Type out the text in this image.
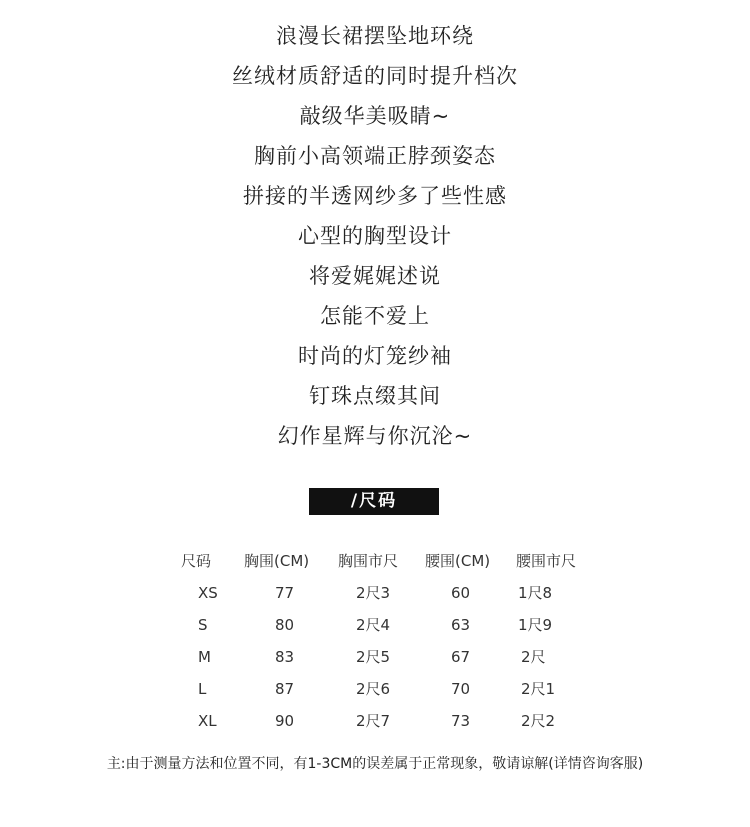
浪漫长裙摆坠地环绕
丝绒材质舒适的同时提升档次
敲级华美吸睛~
胸前小高领端正脖颈姿态
拼接的半透网纱多了些性感
心型的胸型设计
将爱娓娓述说
怎能不爱上
时尚的灯笼纱袖
钉珠点缀其间
幻作星辉与你沉沦~
/尺码
尺码 胸围(CM) 胸围市尺 腰围(CM) 腰围市尺
XS	77	2尺3	60	1尺8
S	80	2尺4	63	1尺9
M	83	2尺5	67	2尺
L	87	2尺6	70	2尺1
XL	90	2尺7	73	2尺2
主:由于测量方法和位置不同，有1-3CM的误差属于正常现象，敬请谅解(详情咨询客服)
